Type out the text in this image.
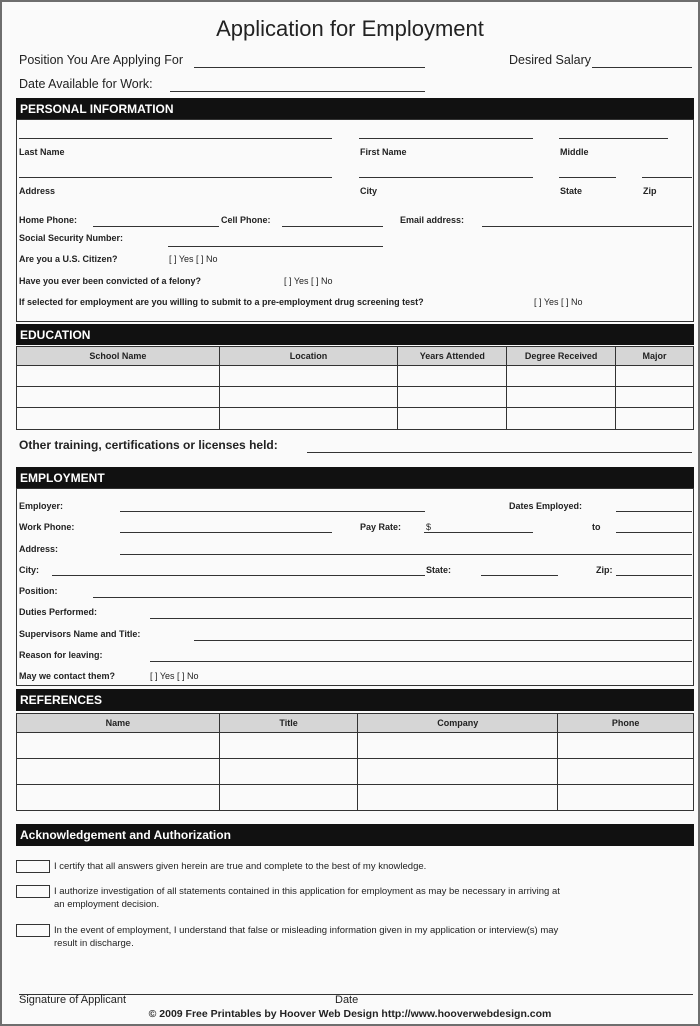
Application for Employment
Position You Are Applying For	Desired Salary
Date Available for Work:
PERSONAL INFORMATION
Last Name	First Name	Middle
Address	City	State	Zip
Home Phone:	Cell Phone:	Email address:
Social Security Number:
Are you a U.S. Citizen?	[ ] Yes [ ] No
Have you ever been convicted of a felony?	[ ] Yes [ ] No
If selected for employment are you willing to submit to a pre-employment drug screening test?	[ ] Yes [ ] No
EDUCATION
School Name	Location	Years Attended	Degree Received	Major

Other training, certifications or licenses held:
EMPLOYMENT
Employer:	Dates Employed:
Work Phone:	Pay Rate:	$	to
Address:
City:	State:	Zip:
Position:
Duties Performed:
Supervisors Name and Title:
Reason for leaving:
May we contact them?	[ ] Yes [ ] No
REFERENCES
Name	Title	Company	Phone

Acknowledgement and Authorization
I certify that all answers given herein are true and complete to the best of my knowledge.
I authorize investigation of all statements contained in this application for employment as may be necessary in arriving at
an employment decision.
In the event of employment, I understand that false or misleading information given in my application or interview(s) may
result in discharge.
Signature of Applicant	Date
© 2009 Free Printables by Hoover Web Design http://www.hooverwebdesign.com
